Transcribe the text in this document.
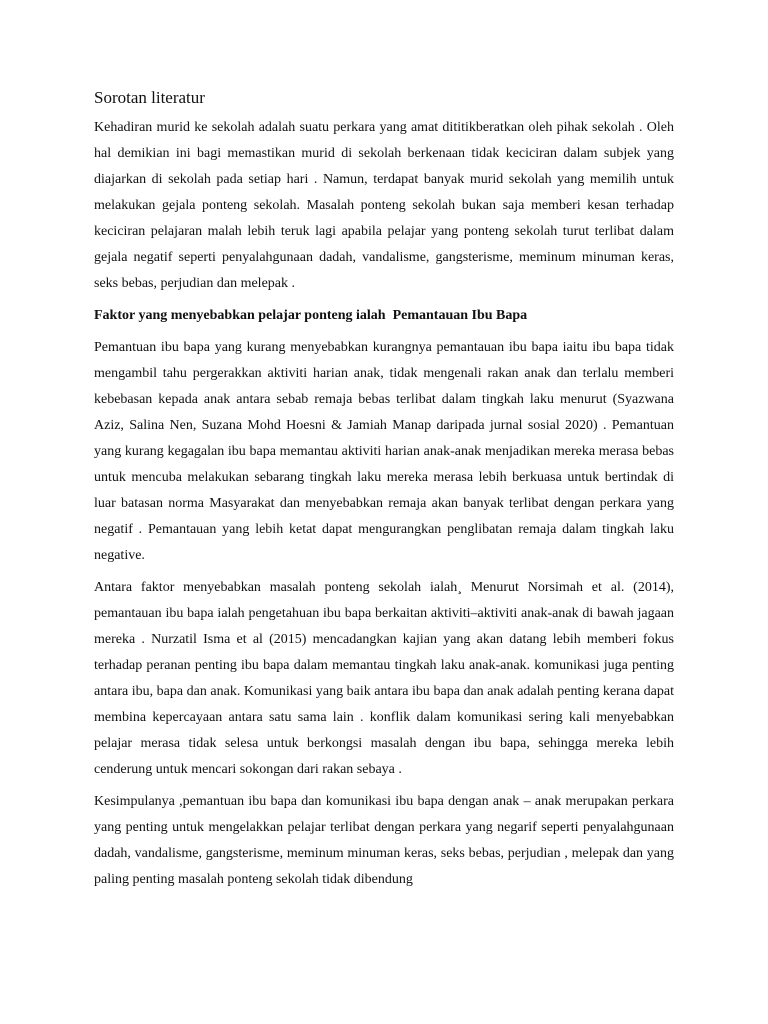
Sorotan literatur

Kehadiran murid ke sekolah adalah suatu perkara yang amat dititikberatkan oleh pihak sekolah . Oleh hal demikian ini bagi memastikan murid di sekolah berkenaan tidak keciciran dalam subjek yang diajarkan di sekolah pada setiap hari . Namun, terdapat banyak murid sekolah yang memilih untuk melakukan gejala ponteng sekolah. Masalah ponteng sekolah bukan saja memberi kesan terhadap keciciran pelajaran malah lebih teruk lagi apabila pelajar yang ponteng sekolah turut terlibat dalam gejala negatif seperti penyalahgunaan dadah, vandalisme, gangsterisme, meminum minuman keras, seks bebas, perjudian dan melepak .

Faktor yang menyebabkan pelajar ponteng ialah  Pemantauan Ibu Bapa

Pemantuan ibu bapa yang kurang menyebabkan kurangnya pemantauan ibu bapa iaitu ibu bapa tidak mengambil tahu pergerakkan aktiviti harian anak, tidak mengenali rakan anak dan terlalu memberi kebebasan kepada anak antara sebab remaja bebas terlibat dalam tingkah laku menurut (Syazwana Aziz, Salina Nen, Suzana Mohd Hoesni & Jamiah Manap daripada jurnal sosial 2020) . Pemantuan yang kurang kegagalan ibu bapa memantau aktiviti harian anak-anak menjadikan mereka merasa bebas untuk mencuba melakukan sebarang tingkah laku mereka merasa lebih berkuasa untuk bertindak di luar batasan norma Masyarakat dan menyebabkan remaja akan banyak terlibat dengan perkara yang negatif . Pemantauan yang lebih ketat dapat mengurangkan penglibatan remaja dalam tingkah laku negative.

Antara faktor menyebabkan masalah ponteng sekolah ialah¸ Menurut Norsimah et al. (2014), pemantauan ibu bapa ialah pengetahuan ibu bapa berkaitan aktiviti–aktiviti anak-anak di bawah jagaan mereka . Nurzatil Isma et al (2015) mencadangkan kajian yang akan datang lebih memberi fokus terhadap peranan penting ibu bapa dalam memantau tingkah laku anak-anak. komunikasi juga penting antara ibu, bapa dan anak. Komunikasi yang baik antara ibu bapa dan anak adalah penting kerana dapat membina kepercayaan antara satu sama lain . konflik dalam komunikasi sering kali menyebabkan pelajar merasa tidak selesa untuk berkongsi masalah dengan ibu bapa, sehingga mereka lebih cenderung untuk mencari sokongan dari rakan sebaya .

Kesimpulanya ,pemantuan ibu bapa dan komunikasi ibu bapa dengan anak – anak merupakan perkara yang penting untuk mengelakkan pelajar terlibat dengan perkara yang negarif seperti penyalahgunaan dadah, vandalisme, gangsterisme, meminum minuman keras, seks bebas, perjudian , melepak dan yang paling penting masalah ponteng sekolah tidak dibendung
